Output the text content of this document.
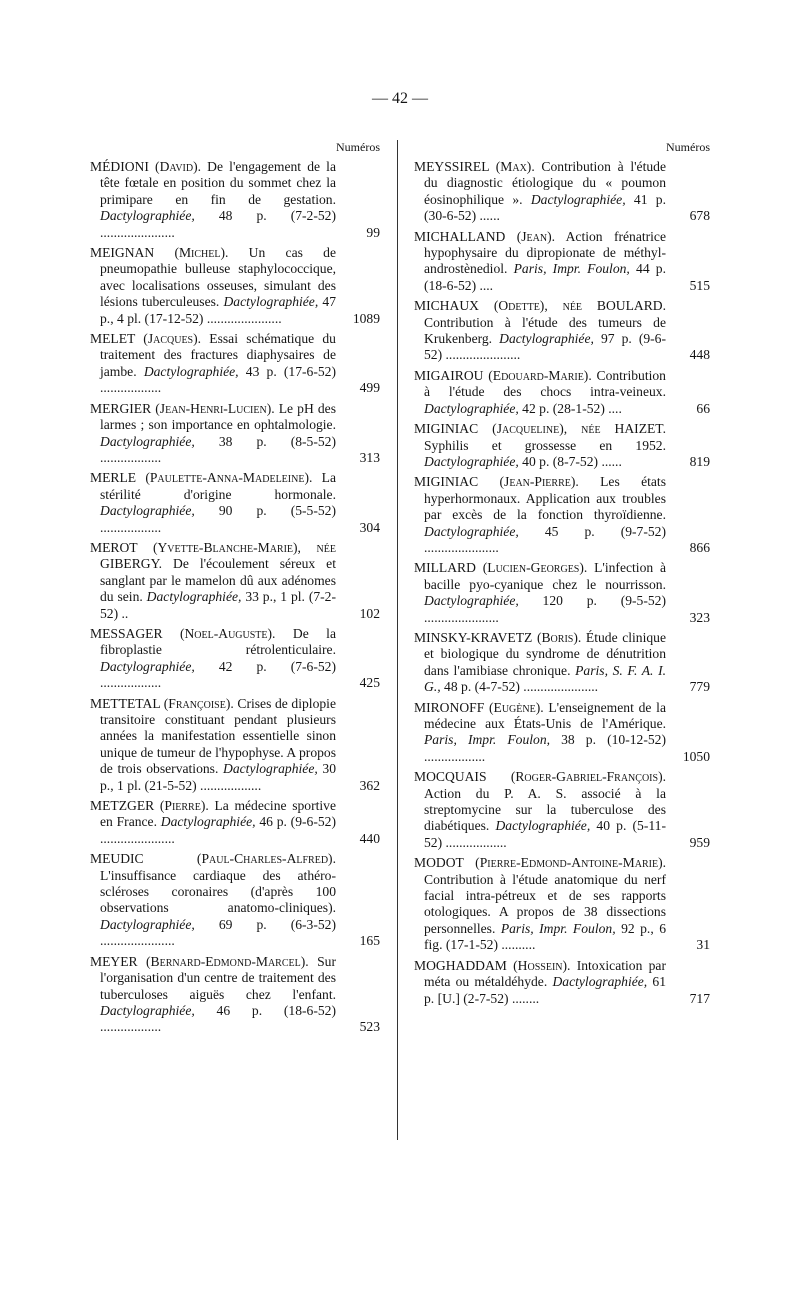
— 42 —
Numéros
MÉDIONI (David). De l'engagement de la tête fœtale en position du sommet chez la primipare en fin de gestation. Dactylographiée, 48 p. (7-2-52) ......................	99
MEIGNAN (Michel). Un cas de pneumopathie bulleuse staphylococcique, avec localisations osseuses, simulant des lésions tuberculeuses. Dactylographiée, 47 p., 4 pl. (17-12-52) ......................	1089
MELET (Jacques). Essai schématique du traitement des fractures diaphysaires de jambe. Dactylographiée, 43 p. (17-6-52) ..................	499
MERGIER (Jean-Henri-Lucien). Le pH des larmes ; son importance en ophtalmologie. Dactylographiée, 38 p. (8-5-52) ..................	313
MERLE (Paulette-Anna-Madeleine). La stérilité d'origine hormonale. Dactylographiée, 90 p. (5-5-52) ..................	304
MEROT (Yvette-Blanche-Marie), née GIBERGY. De l'écoulement séreux et sanglant par le mamelon dû aux adénomes du sein. Dactylographiée, 33 p., 1 pl. (7-2-52) ..	102
MESSAGER (Noel-Auguste). De la fibroplastie rétrolenticulaire. Dactylographiée, 42 p. (7-6-52) ..................	425
METTETAL (Françoise). Crises de diplopie transitoire constituant pendant plusieurs années la manifestation essentielle sinon unique de tumeur de l'hypophyse. A propos de trois observations. Dactylographiée, 30 p., 1 pl. (21-5-52) ..................	362
METZGER (Pierre). La médecine sportive en France. Dactylographiée, 46 p. (9-6-52) ......................	440
MEUDIC	(Paul-Charles-Alfred). L'insuffisance cardiaque des athéro-scléroses coronaires (d'après 100 observations anatomo-cliniques). Dactylographiée, 69 p. (6-3-52) ......................	165
MEYER (Bernard-Edmond-Marcel). Sur l'organisation d'un centre de traitement des tuberculoses aiguës chez l'enfant. Dactylographiée, 46 p. (18-6-52) ..................	523
Numéros
MEYSSIREL (Max). Contribution à l'étude du diagnostic étiologique du « poumon éosinophilique ». Dactylographiée, 41 p. (30-6-52) ......	678
MICHALLAND (Jean). Action frénatrice hypophysaire du dipropionate de méthyl-androstènediol. Paris, Impr. Foulon, 44 p. (18-6-52) ....	515
MICHAUX (Odette), née BOULARD. Contribution à l'étude des tumeurs de Krukenberg. Dactylographiée, 97 p. (9-6-52) ......................	448
MIGAIROU (Edouard-Marie). Contribution à l'étude des chocs intra-veineux. Dactylographiée, 42 p. (28-1-52) ....	66
MIGINIAC (Jacqueline), née HAIZET. Syphilis et grossesse en 1952. Dactylographiée, 40 p. (8-7-52) ......	819
MIGINIAC (Jean-Pierre). Les états hyperhormonaux. Application aux troubles par excès de la fonction thyroïdienne. Dactylographiée, 45 p. (9-7-52) ......................	866
MILLARD (Lucien-Georges). L'infection à bacille pyo-cyanique chez le nourrisson. Dactylographiée, 120 p. (9-5-52) ......................	323
MINSKY-KRAVETZ (Boris). Étude clinique et biologique du syndrome de dénutrition dans l'amibiase chronique. Paris, S. F. A. I. G., 48 p. (4-7-52) ......................	779
MIRONOFF (Eugène). L'enseignement de la médecine aux États-Unis de l'Amérique. Paris, Impr. Foulon, 38 p. (10-12-52) ..................	1050
MOCQUAIS (Roger-Gabriel-François). Action du P. A. S. associé à la streptomycine sur la tuberculose des diabétiques. Dactylographiée, 40 p. (5-11-52) ..................	959
MODOT (Pierre-Edmond-Antoine-Marie). Contribution à l'étude anatomique du nerf facial intra-pétreux et de ses rapports otologiques. A propos de 38 dissections personnelles. Paris, Impr. Foulon, 92 p., 6 fig. (17-1-52) ..........	31
MOGHADDAM (Hossein). Intoxication par méta ou métaldéhyde. Dactylographiée, 61 p. [U.] (2-7-52) ........	717
